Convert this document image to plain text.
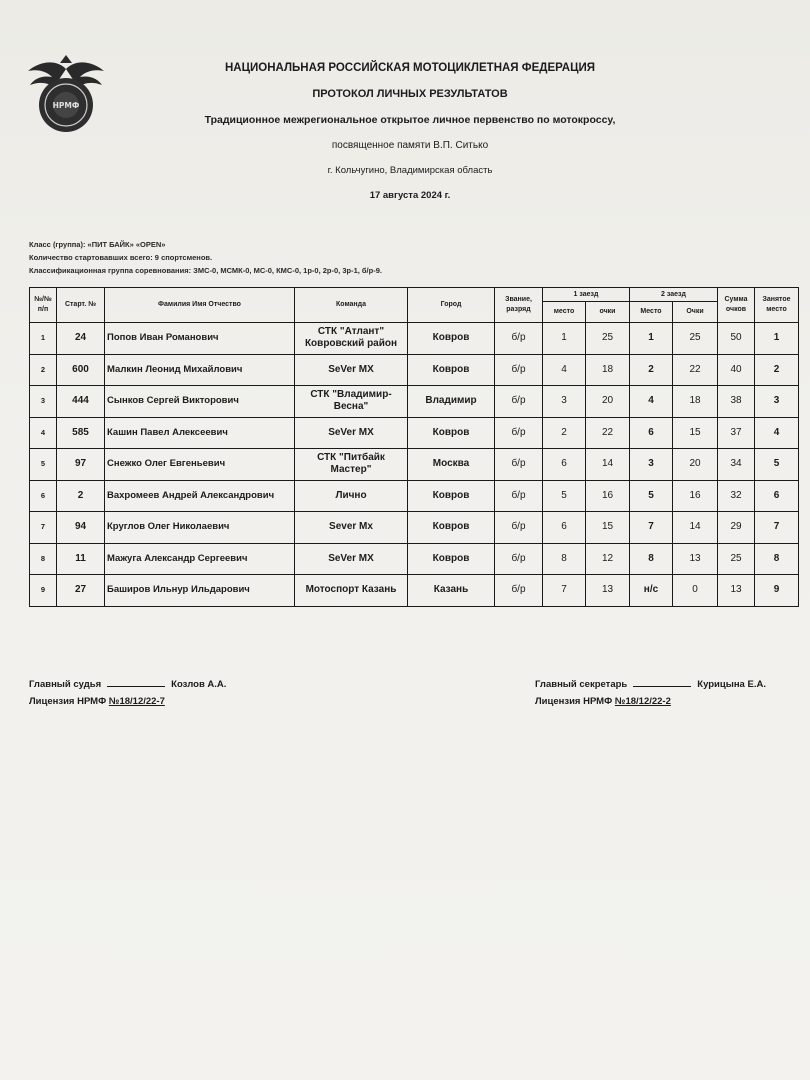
НРМФ
НАЦИОНАЛЬНАЯ РОССИЙСКАЯ МОТОЦИКЛЕТНАЯ ФЕДЕРАЦИЯ
ПРОТОКОЛ ЛИЧНЫХ РЕЗУЛЬТАТОВ
Традиционное межрегиональное открытое личное первенство по мотокроссу,
посвященное памяти В.П. Ситько
г. Кольчугино, Владимирская область
17 августа 2024 г.
Класс (группа): «ПИТ БАЙК» «OPEN»
Количество стартовавших всего: 9 спортсменов.
Классификационная группа соревнования: ЗМС-0, МСМК-0, МС-0, КМС-0, 1р-0, 2р-0, 3р-1, б/р-9.
№/№ п/п	Старт. №	Фамилия Имя Отчество	Команда	Город	Звание, разряд	1 заезд		2 заезд		Сумма очков	Занятое место
						место	очки	Место	Очки		
1	24	Попов Иван Романович	СТК "Атлант" Ковровский район	Ковров	б/р	1	25	1	25	50	1
2	600	Малкин Леонид Михайлович	SeVer MX	Ковров	б/р	4	18	2	22	40	2
3	444	Сынков Сергей Викторович	СТК "Владимир-Весна"	Владимир	б/р	3	20	4	18	38	3
4	585	Кашин Павел Алексеевич	SeVer MX	Ковров	б/р	2	22	6	15	37	4
5	97	Снежко Олег Евгеньевич	СТК "Питбайк Мастер"	Москва	б/р	6	14	3	20	34	5
6	2	Вахромеев Андрей Александрович	Лично	Ковров	б/р	5	16	5	16	32	6
7	94	Круглов Олег Николаевич	Sever Mx	Ковров	б/р	6	15	7	14	29	7
8	11	Мажуга Александр Сергеевич	SeVer MX	Ковров	б/р	8	12	8	13	25	8
9	27	Баширов Ильнур Ильдарович	Мотоспорт Казань	Казань	б/р	7	13	н/с	0	13	9
Главный судья	Козлов А.А.
Лицензия НРМФ №18/12/22-7
Главный секретарь	Курицына Е.А.
Лицензия НРМФ №18/12/22-2
